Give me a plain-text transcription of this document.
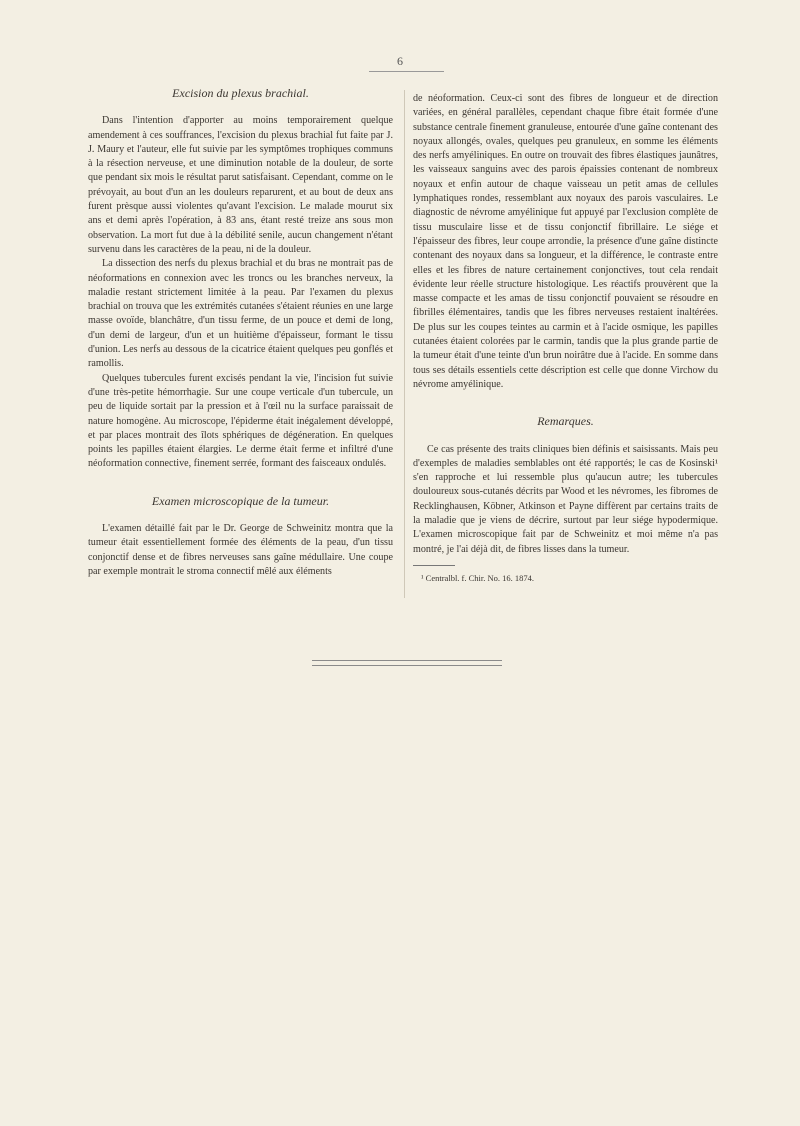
6
Excision du plexus brachial.

Dans l'intention d'apporter au moins temporairement quelque amendement à ces souffrances, l'excision du plexus brachial fut faite par J. J. Maury et l'auteur, elle fut suivie par les symptômes trophiques communs à la résection nerveuse, et une diminution notable de la douleur, de sorte que pendant six mois le résultat parut satisfaisant. Cependant, comme on le prévoyait, au bout d'un an les douleurs reparurent, et au bout de deux ans furent prèsque aussi violentes qu'avant l'excision. Le malade mourut six ans et demi après l'opération, à 83 ans, étant resté treize ans sous mon observation. La mort fut due à la débilité senile, aucun changement n'étant survenu dans les caractères de la peau, ni de la douleur.

La dissection des nerfs du plexus brachial et du bras ne montrait pas de néoformations en connexion avec les troncs ou les branches nerveux, la maladie restant strictement limitée à la peau. Par l'examen du plexus brachial on trouva que les extrémités cutanées s'étaient réunies en une large masse ovoïde, blanchâtre, d'un tissu ferme, de un pouce et demi de long, d'un demi de largeur, d'un et un huitième d'épaisseur, formant le tissu d'union. Les nerfs au dessous de la cicatrice étaient quelques peu gonflés et ramollis.

Quelques tubercules furent excisés pendant la vie, l'incision fut suivie d'une très-petite hémorrhagie. Sur une coupe verticale d'un tubercule, un peu de liquide sortait par la pression et à l'œil nu la surface paraissait de nature homogène. Au microscope, l'épiderme était inégalement développé, et par places montrait des îlots sphériques de dégéneration. En quelques points les papilles étaient élargies. Le derme était ferme et infiltré d'une néoformation connective, finement serrée, formant des faisceaux ondulés.

Examen microscopique de la tumeur.

L'examen détaillé fait par le Dr. George de Schweinitz montra que la tumeur était essentiellement formée des éléments de la peau, d'un tissu conjonctif dense et de fibres nerveuses sans gaîne médullaire. Une coupe par exemple montrait le stroma connectif mêlé aux éléments

de néoformation. Ceux-ci sont des fibres de longueur et de direction variées, en général parallèles, cependant chaque fibre était formée d'une substance centrale finement granuleuse, entourée d'une gaîne contenant des noyaux allongés, ovales, quelques peu granuleux, en somme les éléments des nerfs amyéliniques. En outre on trouvait des fibres élastiques jaunâtres, les vaisseaux sanguins avec des parois épaissies contenant de nombreux noyaux et enfin autour de chaque vaisseau un petit amas de cellules lymphatiques rondes, ressemblant aux noyaux des parois vasculaires. Le diagnostic de névrome amyélinique fut appuyé par l'exclusion complète de tissu musculaire lisse et de tissu conjonctif fibrillaire. Le siége et l'épaisseur des fibres, leur coupe arrondie, la présence d'une gaîne distincte contenant des noyaux dans sa longueur, et la différence, le contraste entre elles et les fibres de nature certainement conjonctives, tout cela rendait évidente leur réelle structure histologique. Les réactifs prouvèrent que la masse compacte et les amas de tissu conjonctif pouvaient se résoudre en fibrilles élémentaires, tandis que les fibres nerveuses restaient inaltérées. De plus sur les coupes teintes au carmin et à l'acide osmique, les papilles cutanées étaient colorées par le carmin, tandis que la plus grande partie de la tumeur était d'une teinte d'un brun noirâtre due à l'acide. En somme dans tous ses détails essentiels cette déscription est celle que donne Virchow du névrome amyélinique.

Remarques.

Ce cas présente des traits cliniques bien définis et saisissants. Mais peu d'exemples de maladies semblables ont été rapportés; le cas de Kosinski¹ s'en rapproche et lui ressemble plus qu'aucun autre; les tubercules douloureux sous-cutanés décrits par Wood et les névromes, les fibromes de Recklinghausen, Köbner, Atkinson et Payne diffèrent par certains traits de la maladie que je viens de décrire, surtout par leur siége hypodermique. L'examen microscopique fait par de Schweinitz et moi même n'a pas montré, je l'ai déjà dit, de fibres lisses dans la tumeur.

¹ Centralbl. f. Chir. No. 16. 1874.
